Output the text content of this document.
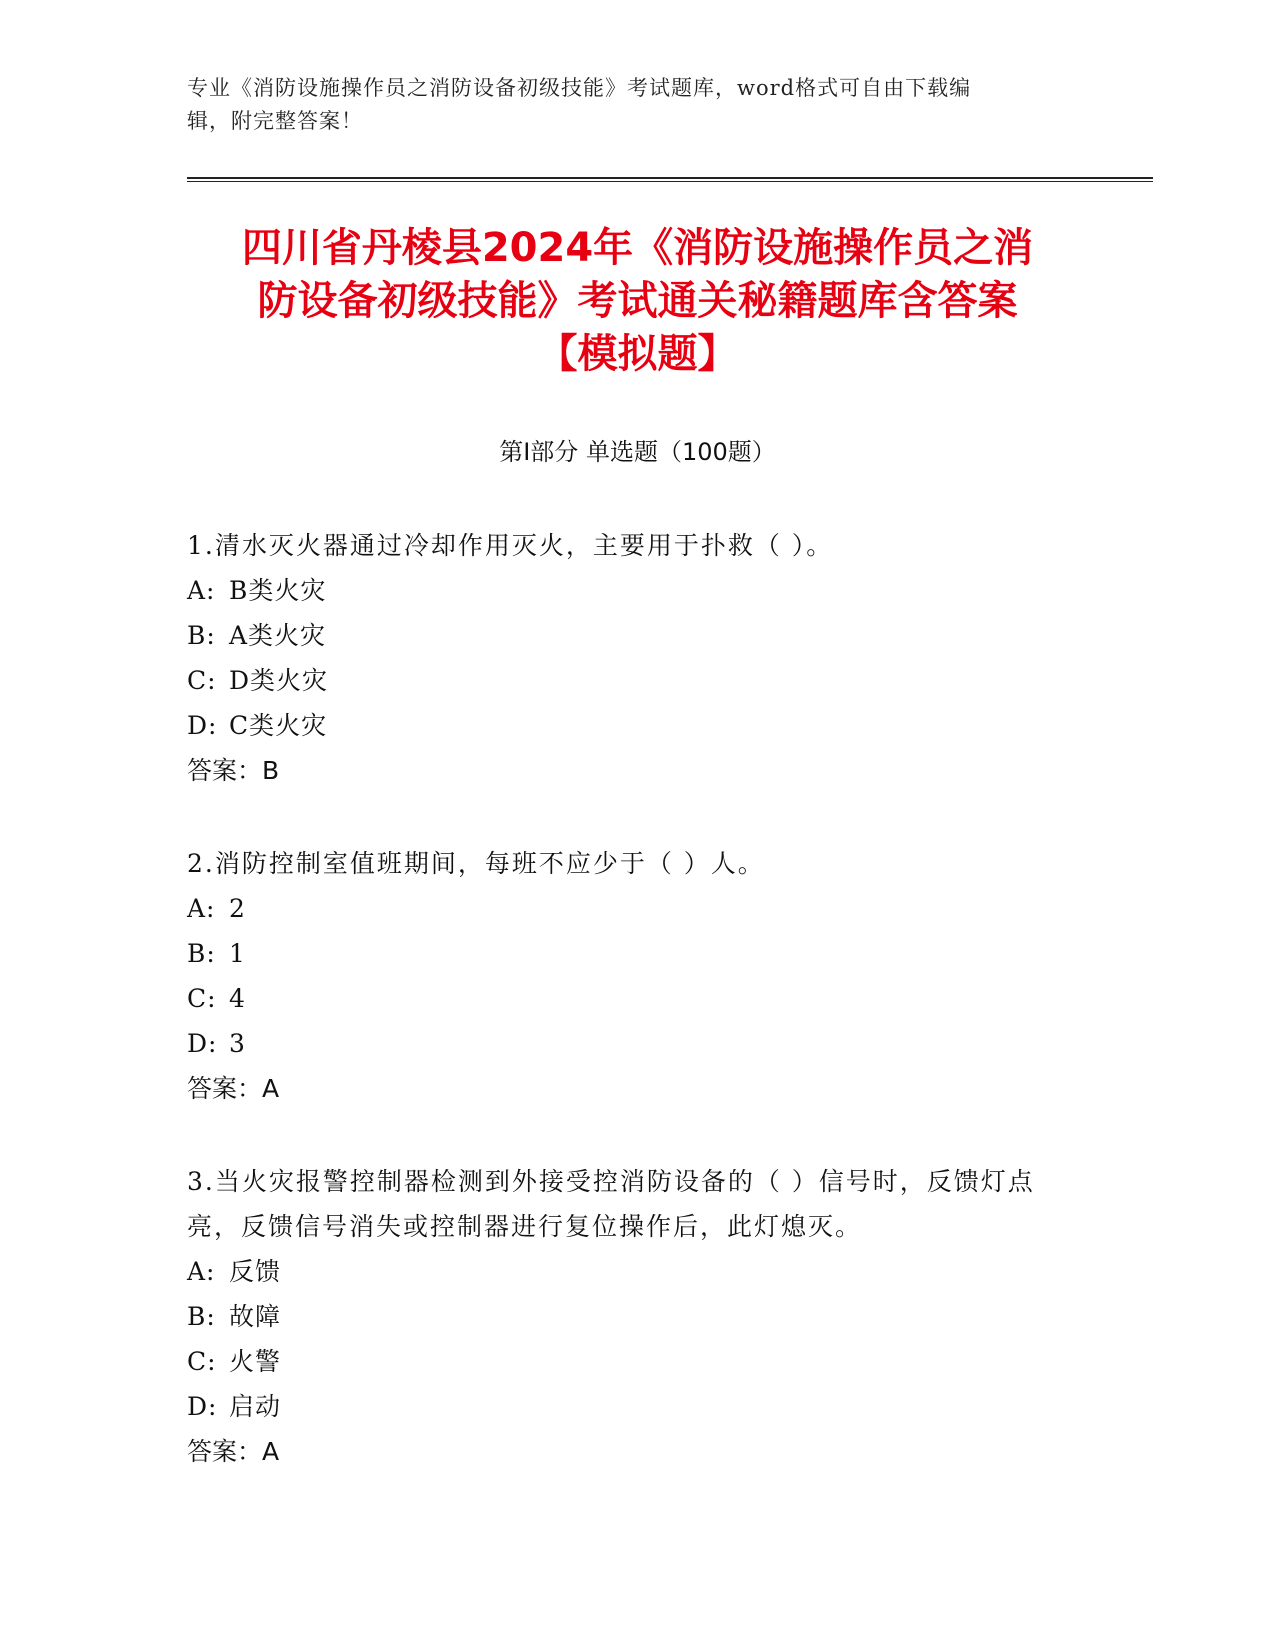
专业《消防设施操作员之消防设备初级技能》考试题库，word格式可自由下载编
辑，附完整答案！
四川省丹棱县2024年《消防设施操作员之消
防设备初级技能》考试通关秘籍题库含答案
【模拟题】
第Ⅰ部分 单选题（100题）
1.清水灭火器通过冷却作用灭火，主要用于扑救（ ）。
A: B类火灾
B: A类火灾
C: D类火灾
D: C类火灾
答案：B
2.消防控制室值班期间，每班不应少于（ ）人。
A: 2
B: 1
C: 4
D: 3
答案：A
3.当火灾报警控制器检测到外接受控消防设备的（ ）信号时，反馈灯点亮，反馈信号消失或控制器进行复位操作后，此灯熄灭。
A: 反馈
B: 故障
C: 火警
D: 启动
答案：A
